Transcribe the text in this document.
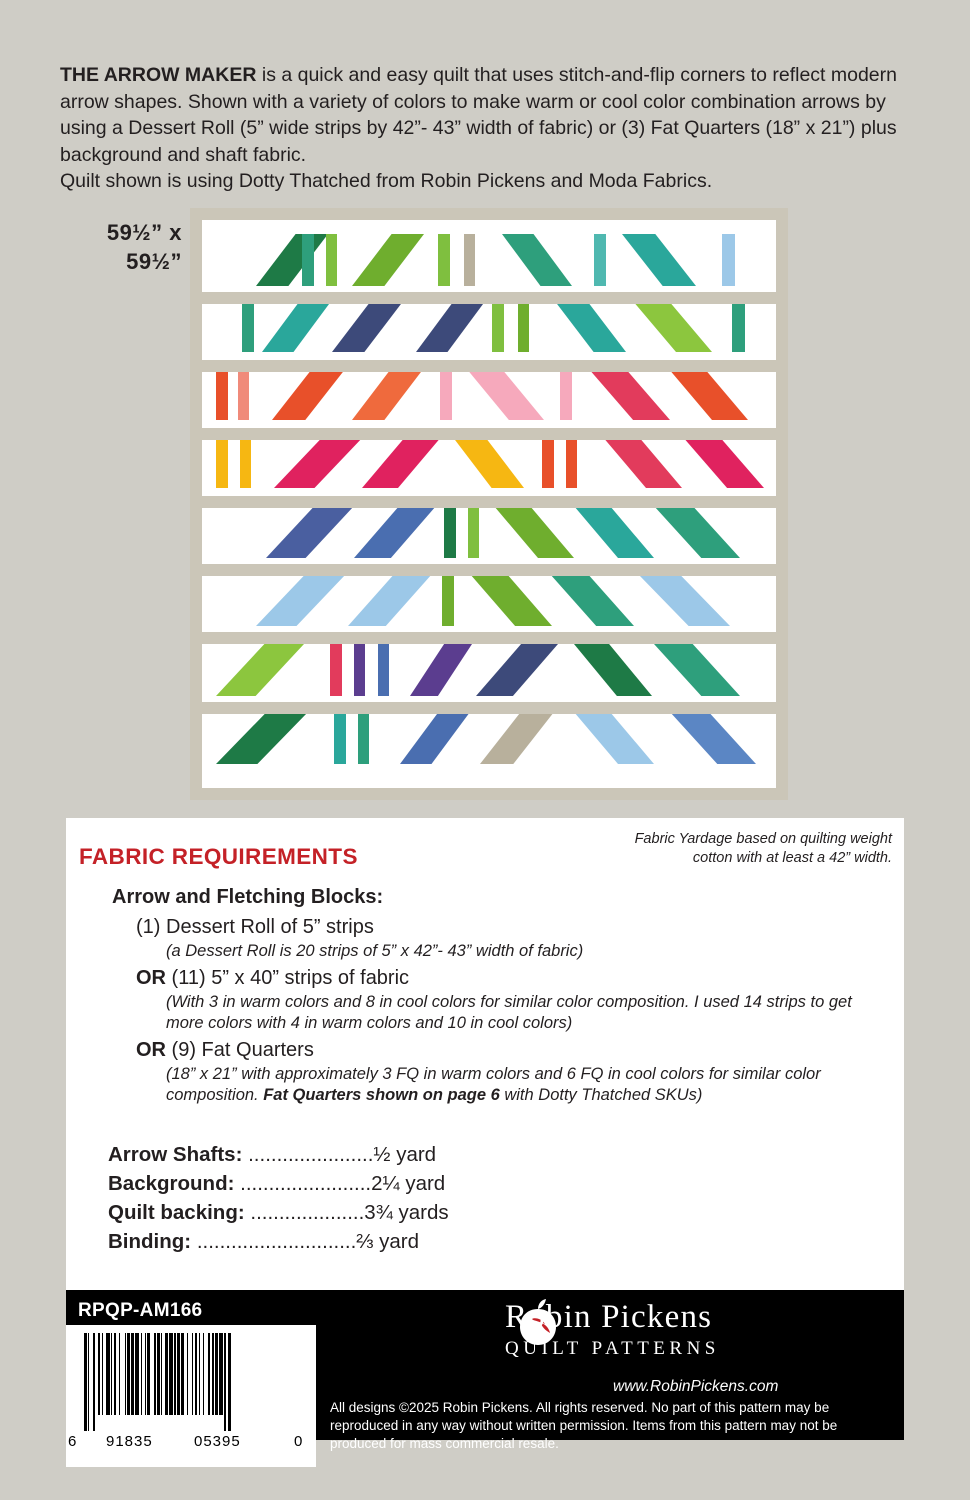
THE ARROW MAKER is a quick and easy quilt that uses stitch-and-flip corners to reflect modern arrow shapes. Shown with a variety of colors to make warm or cool color combination arrows by using a Dessert Roll (5” wide strips by 42”- 43” width of fabric) or (3) Fat Quarters (18” x 21”) plus background and shaft fabric.
Quilt shown is using Dotty Thatched from Robin Pickens and Moda Fabrics.
59½” x
59½”
FABRIC REQUIREMENTS
Fabric Yardage based on quilting weight cotton with at least a 42” width.
Arrow and Fletching Blocks:
(1) Dessert Roll of 5” strips
(a Dessert Roll is 20 strips of 5” x 42”- 43” width of fabric)
OR (11) 5” x 40” strips of fabric
(With 3 in warm colors and 8 in cool colors for similar color composition. I used 14 strips to get more colors with 4 in warm colors and 10 in cool colors)
OR (9) Fat Quarters
(18” x 21” with approximately 3 FQ in warm colors and 6 FQ in cool colors for similar color composition. Fat Quarters shown on page 6 with Dotty Thatched SKUs)
Arrow Shafts: ......................½ yard
Background: .......................2¼ yard
Quilt backing: ....................3¾ yards
Binding: ............................⅔ yard
RPQP-AM166	Robin Pickens
QUILT PATTERNS
www.RobinPickens.com
All designs ©2025 Robin Pickens. All rights reserved. No part of this pattern may be reproduced in any way without written permission. Items from this pattern may not be produced for mass commercial resale.
6 91835	05395	0
